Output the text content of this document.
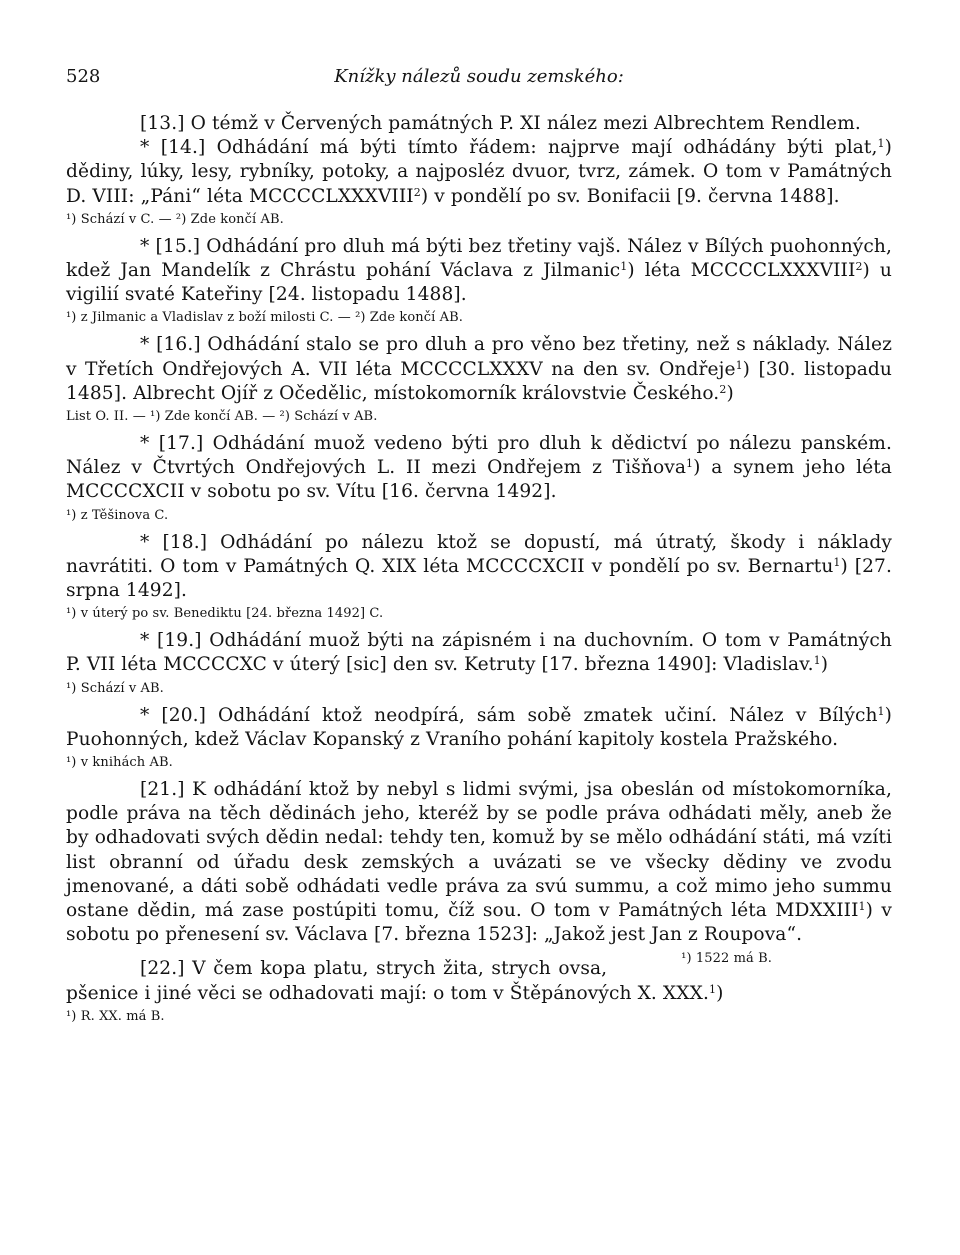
528	Knížky nálezů soudu zemského:

[13.] O témž v Červených památných P. XI nález mezi Albrechtem Rendlem.

* [14.] Odhádání má býti tímto řádem: najprve mají odhádány býti plat,$^1$) dědiny, lúky, lesy, rybníky, potoky, a najposléz dvuor, tvrz, zámek. O tom v Památných D. VIII: „Páni“ léta MCCCCLXXXVIII$^2$) v pondělí po sv. Bonifacii [9. června 1488].

¹) Schází v C. — ²) Zde končí AB.

* [15.] Odhádání pro dluh má býti bez třetiny vajš. Nález v Bílých puohonných, kdež Jan Mandelík z Chrástu pohání Václava z Jilmanic$^1$) léta MCCCCLXXXVIII$^2$) u vigilií svaté Kateřiny [24. listopadu 1488].

¹) z Jilmanic a Vladislav z boží milosti C. — ²) Zde končí AB.

* [16.] Odhádání stalo se pro dluh a pro věno bez třetiny, než s náklady. Nález v Třetích Ondřejových A. VII léta MCCCCLXXXV na den sv. Ondřeje$^1$) [30. listopadu 1485]. Albrecht Ojíř z Očedělic, místokomorník královstvie Českého.$^2$)

List O. II. — ¹) Zde končí AB. — ²) Schází v AB.

* [17.] Odhádání muož vedeno býti pro dluh k dědictví po nálezu panském. Nález v Čtvrtých Ondřejových L. II mezi Ondřejem z Tišňova$^1$) a synem jeho léta MCCCCXCII v sobotu po sv. Vítu [16. června 1492].

¹) z Těšinova C.

* [18.] Odhádání po nálezu ktož se dopustí, má útratý, škody i náklady navrátiti. O tom v Památných Q. XIX léta MCCCCXCII v pondělí po sv. Bernartu$^1$) [27. srpna 1492].

¹) v úterý po sv. Benediktu [24. března 1492] C.

* [19.] Odhádání muož býti na zápisném i na duchovním. O tom v Památných P. VII léta MCCCCXC v úterý [sic] den sv. Ketruty [17. března 1490]: Vladislav.$^1$)

¹) Schází v AB.

* [20.] Odhádání ktož neodpírá, sám sobě zmatek učiní. Nález v Bílých$^1$) Puohonných, kdež Václav Kopanský z Vraního pohání kapitoly kostela Pražského.

¹) v knihách AB.

[21.] K odhádání ktož by nebyl s lidmi svými, jsa obeslán od místokomorníka, podle práva na těch dědinách jeho, kteréž by se podle práva odhádati měly, aneb že by odhadovati svých dědin nedal: tehdy ten, komuž by se mělo odhádání státi, má vzíti list obranní od úřadu desk zemských a uvázati se ve všecky dědiny ve zvodu jmenované, a dáti sobě odhádati vedle práva za svú summu, a což mimo jeho summu ostane dědin, má zase postúpiti tomu, číž sou. O tom v Památných léta MDXXIII$^1$) v sobotu po přenesení sv. Václava [7. března 1523]: „Jakož jest Jan z Roupova“.
¹) 1522 má B.

[22.] V čem kopa platu, strych žita, strych ovsa, pšenice i jiné věci se odhadovati mají: o tom v Štěpánových X. XXX.$^1$)

¹) R. XX. má B.
